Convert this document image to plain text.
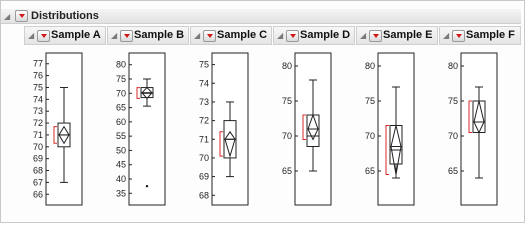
◢ Distributions
◢ Sample A
66
67
68
69
70
71
72
73
74
75
76
77
◢ Sample B
35
40
45
50
55
60
65
70
75
80
◢ Sample C
68
69
70
71
72
73
74
75
◢ Sample D
65
70
75
80
◢ Sample E
65
70
75
80
◢ Sample F
65
70
75
80
